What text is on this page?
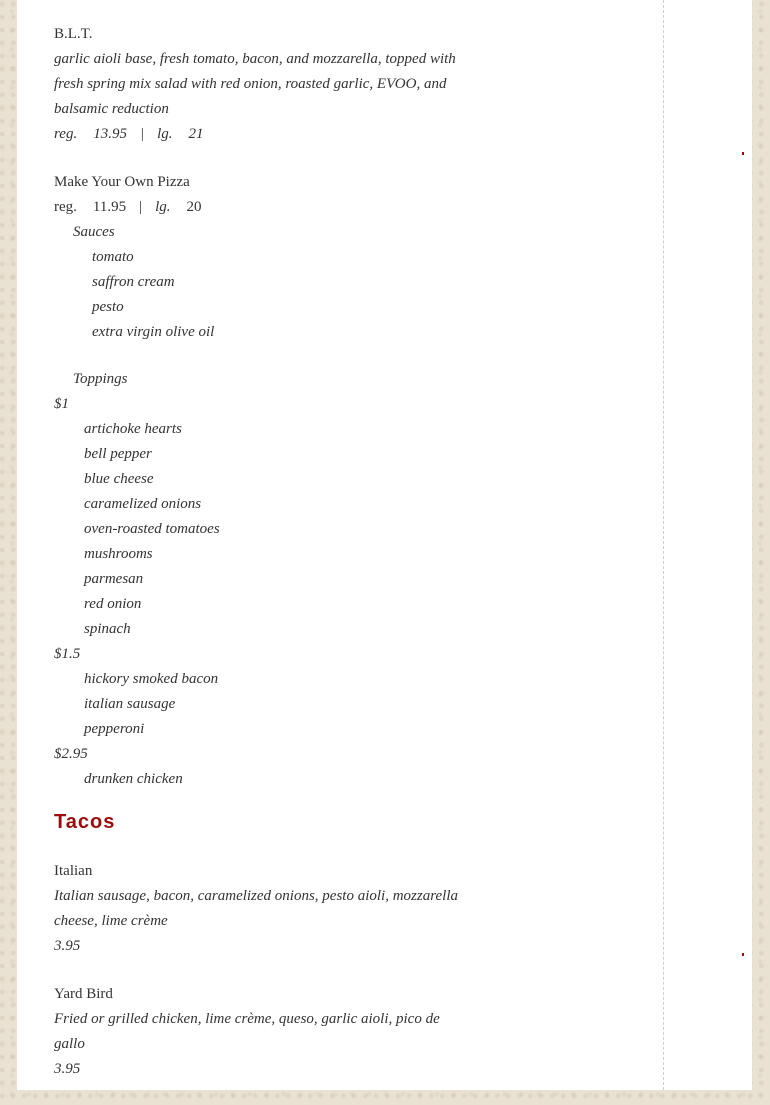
B.L.T.
garlic aioli base, fresh tomato, bacon, and mozzarella, topped with fresh spring mix salad with red onion, roasted garlic, EVOO, and balsamic reduction
reg. 13.95 | lg. 21
Make Your Own Pizza
reg. 11.95 | lg. 20
Sauces
tomato
saffron cream
pesto
extra virgin olive oil
Toppings
$1
artichoke hearts
bell pepper
blue cheese
caramelized onions
oven-roasted tomatoes
mushrooms
parmesan
red onion
spinach
$1.5
hickory smoked bacon
italian sausage
pepperoni
$2.95
drunken chicken
Tacos
Italian
Italian sausage, bacon, caramelized onions, pesto aioli, mozzarella cheese, lime crème
3.95
Yard Bird
Fried or grilled chicken, lime crème, queso, garlic aioli, pico de gallo
3.95
